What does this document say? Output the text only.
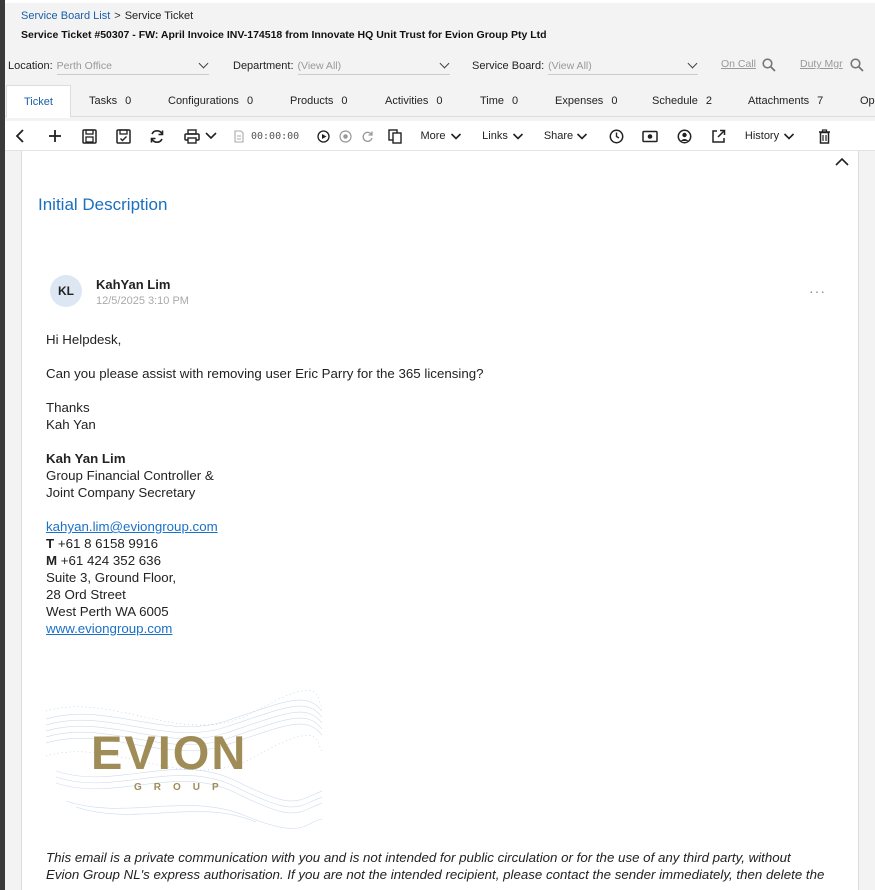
Service Board List > Service Ticket
Service Ticket #50307 - FW: April Invoice INV-174518 from Innovate HQ Unit Trust for Evion Group Pty Ltd
Location: Perth Office	Department: (View All)	Service Board: (View All)	On Call	Duty Mgr
Ticket	Tasks 0	Configurations 0	Products 0	Activities 0	Time 0	Expenses 0	Schedule 2	Attachments 7	Op
00:00:00	More	Links	Share	History
Initial Description
KL	KahYan Lim
12/5/2025 3:10 PM
···

Hi Helpdesk,

Can you please assist with removing user Eric Parry for the 365 licensing?

Thanks

Kah Yan

Kah Yan Lim

Group Financial Controller &

Joint Company Secretary

kahyan.lim@eviongroup.com

T +61 8 6158 9916

M +61 424 352 636

Suite 3, Ground Floor,

28 Ord Street

West Perth WA 6005

www.eviongroup.com

EVION
GROUP

This email is a private communication with you and is not intended for public circulation or for the use of any third party, without

Evion Group NL's express authorisation. If you are not the intended recipient, please contact the sender immediately, then delete the
